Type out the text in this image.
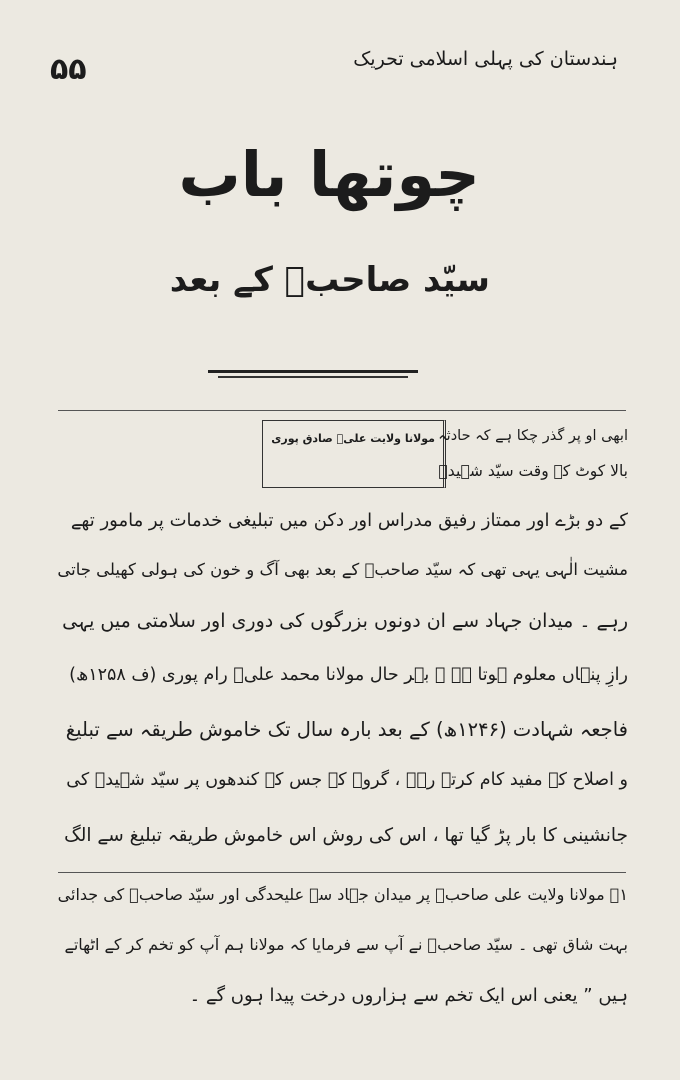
۵۵	ہندستان کی پہلی اسلامی تحریک
چوتھا باب
سیّد صاحبؒ کے بعد
مولانا ولایت علیؒ صادق پوری ابھی او پر گذر چکا ہے کہ حادثہ
بالا کوٹ کے وقت سیّد شہیدؒ
کے دو بڑے اور ممتاز رفیق مدراس اور دکن میں تبلیغی خدمات پر مامور تھے
مشیت الٰہی یہی تھی کہ سیّد صاحبؒ کے بعد بھی آگ و خون کی ہولی کھیلی جاتی
رہے ۔ میدان جہاد سے ان دونوں بزرگوں کی دوری اور سلامتی میں یہی
رازِ پنہاں معلوم ہوتا ہے ۔ بہر حال مولانا محمد علیؒ رام پوری (ف ۱۲۵۸ھ)
فاجعہ شہادت (۱۲۴۶ھ) کے بعد بارہ سال تک خاموش طریقہ سے تبلیغ
و اصلاح کے مفید کام کرتے رہے ، گروہ کہ جس کے کندھوں پر سیّد شہیدؒ کی
جانشینی کا بار پڑ گیا تھا ، اس کی روش اس خاموش طریقہ تبلیغ سے الگ
۱؎ مولانا ولایت علی صاحبؒ پر میدان جہاد سے علیحدگی اور سیّد صاحبؒ کی جدائی
بہت شاق تھی ۔ سیّد صاحبؒ نے آپ سے فرمایا کہ مولانا ہم آپ کو تخم کر کے اٹھاتے
ہیں ” یعنی اس ایک تخم سے ہزاروں درخت پیدا ہوں گے ۔
